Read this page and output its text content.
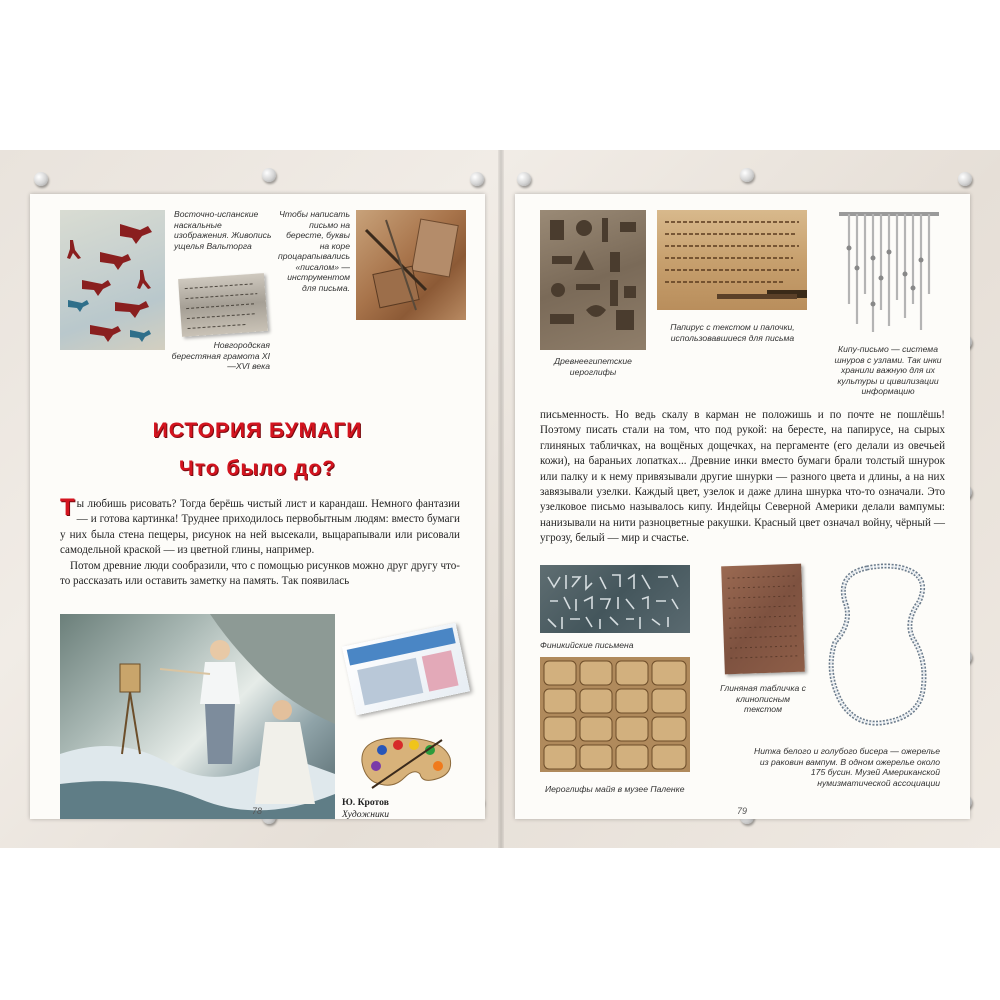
Восточно-испанские наскальные изображения. Живопись ущелья Вальторга
Новгородская берестяная грамота XI—XVI века
Чтобы написать письмо на бересте, буквы на коре процарапывались «писалом» — инструментом для письма.
ИСТОРИЯ БУМАГИ
Что было до?

Ты любишь рисовать? Тогда берёшь чистый лист и карандаш. Немного фантазии — и готова картинка! Труднее приходилось первобытным людям: вместо бумаги у них была стена пещеры, рисунок на ней высекали, выцарапывали или рисовали самодельной краской — из цветной глины, например.

Потом древние люди сообразили, что с помощью рисунков можно друг другу что-то рассказать или оставить заметку на память. Так появилась

Ю. Кротов
Художники
78
Древнеегипетские иероглифы
Папирус с текстом и палочки, использовавшиеся для письма
Кипу-письмо — система шнуров с узлами. Так инки хранили важную для их культуры и цивилизации информацию

письменность. Но ведь скалу в карман не положишь и по почте не пошлёшь! Поэтому писать стали на том, что под рукой: на бересте, на папирусе, на сырых глиняных табличках, на вощёных дощечках, на пергаменте (его делали из овечьей кожи), на бараньих лопатках... Древние инки вместо бумаги брали толстый шнурок или палку и к нему привязывали другие шнурки — разного цвета и длины, а на них завязывали узелки. Каждый цвет, узелок и даже длина шнурка что-то означали. Это узелковое письмо называлось кипу. Индейцы Северной Америки делали вампумы: нанизывали на нити разноцветные ракушки. Красный цвет означал войну, чёрный — угрозу, белый — мир и счастье.

Финикийские письмена
Иероглифы майя в музее Паленке
Глиняная табличка с клинописным текстом
Нитка белого и голубого бисера — ожерелье из раковин вампум. В одном ожерелье около 175 бусин. Музей Американской нумизматической ассоциации
79
